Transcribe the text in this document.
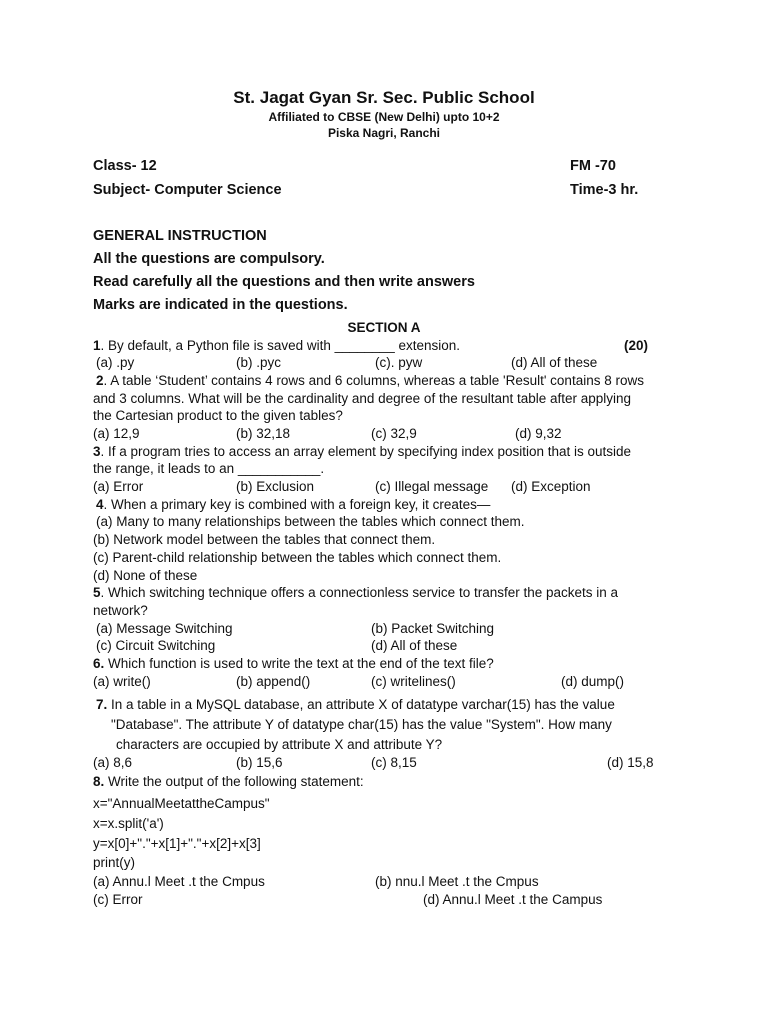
St. Jagat Gyan Sr. Sec. Public School
Affiliated to CBSE (New Delhi) upto 10+2
Piska Nagri, Ranchi
Class- 12	FM -70
Subject- Computer Science	Time-3 hr.
GENERAL INSTRUCTION
All the questions are compulsory.
Read carefully all the questions and then write answers
Marks are indicated in the questions.
SECTION A
1. By default, a Python file is saved with ________ extension.	(20)
(a) .py	(b) .pyc	(c). pyw	(d) All of these
2. A table ‘Student’ contains 4 rows and 6 columns, whereas a table 'Result' contains 8 rows
and 3 columns. What will be the cardinality and degree of the resultant table after applying
the Cartesian product to the given tables?
(a) 12,9	(b) 32,18	(c) 32,9	(d) 9,32
3. If a program tries to access an array element by specifying index position that is outside
the range, it leads to an ___________.
(a) Error	(b) Exclusion	(c) Illegal message (d) Exception
4. When a primary key is combined with a foreign key, it creates—
(a) Many to many relationships between the tables which connect them.
(b) Network model between the tables that connect them.
(c) Parent-child relationship between the tables which connect them.
(d) None of these
5. Which switching technique offers a connectionless service to transfer the packets in a
network?
(a) Message Switching	(b) Packet Switching
(c) Circuit Switching	(d) All of these
6. Which function is used to write the text at the end of the text file?
(a) write()	(b) append()	(c) writelines()	(d) dump()
7. In a table in a MySQL database, an attribute X of datatype varchar(15) has the value
"Database". The attribute Y of datatype char(15) has the value "System". How many
characters are occupied by attribute X and attribute Y?
(a) 8,6	(b) 15,6	(c) 8,15	(d) 15,8
8. Write the output of the following statement:
x="AnnualMeetattheCampus"
x=x.split('a')
y=x[0]+"."+x[1]+"."+x[2]+x[3]
print(y)
(a) Annu.l Meet .t the Cmpus	(b) nnu.l Meet .t the Cmpus
(c) Error	(d) Annu.l Meet .t the Campus
